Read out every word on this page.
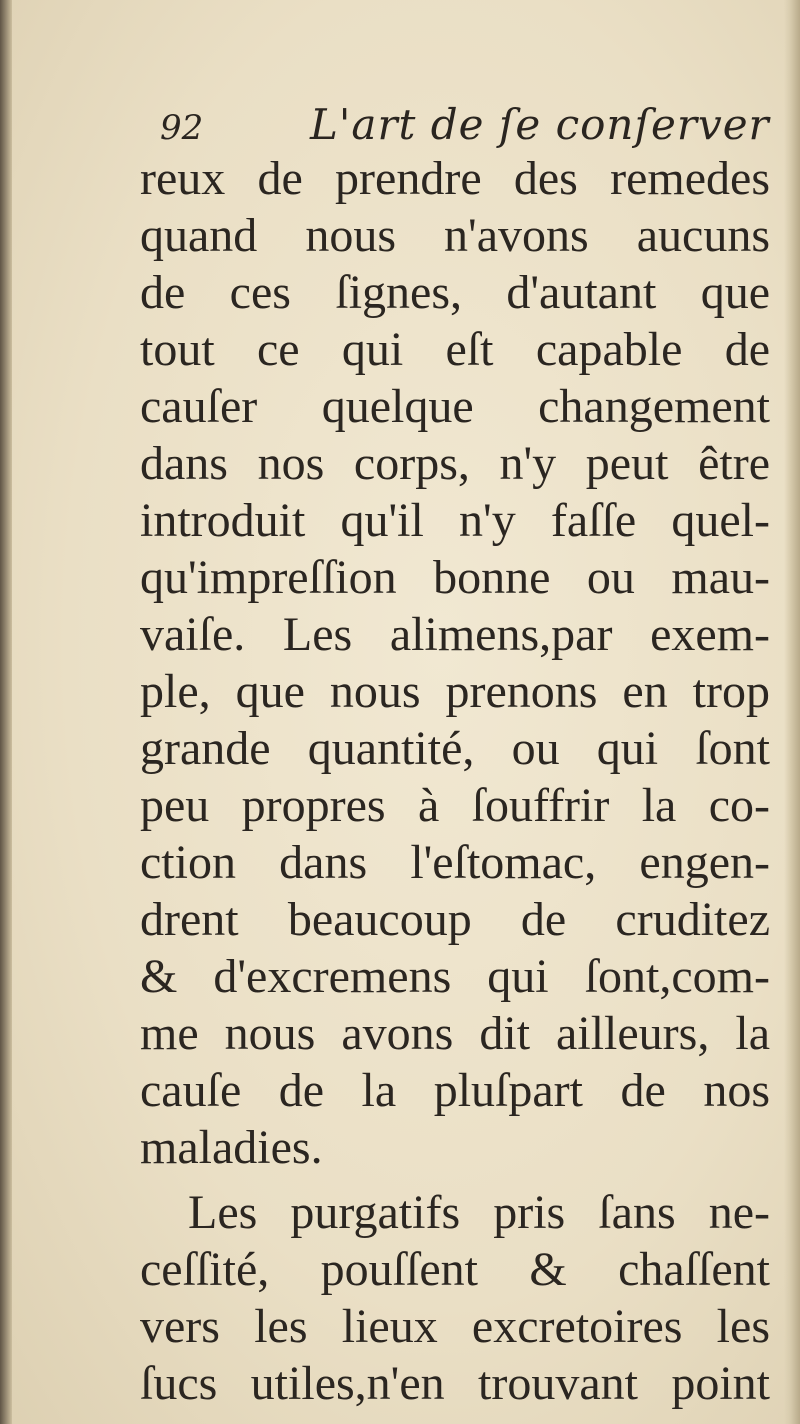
92	L'art de ſe conſerver
reux de prendre des remedes
quand nous n'avons aucuns
de ces ſignes, d'autant que
tout ce qui eſt capable de
cauſer quelque changement
dans nos corps, n'y peut être
introduit qu'il n'y faſſe quel-
qu'impreſſion bonne ou mau-
vaiſe. Les alimens,par exem-
ple, que nous prenons en trop
grande quantité, ou qui ſont
peu propres à ſouffrir la co-
ction dans l'eſtomac, engen-
drent beaucoup de cruditez
& d'excremens qui ſont,com-
me nous avons dit ailleurs, la
cauſe de la pluſpart de nos
maladies.
Les purgatifs pris ſans ne-
ceſſité, pouſſent & chaſſent
vers les lieux excretoires les
ſucs utiles,n'en trouvant point
